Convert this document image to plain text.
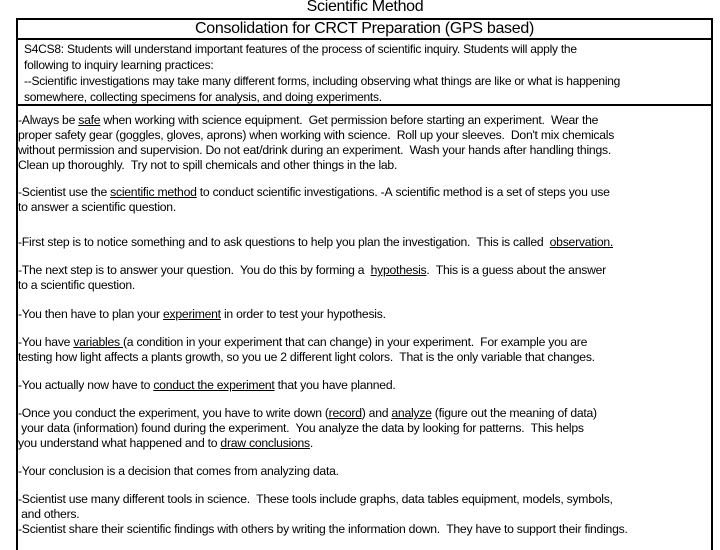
Scientific Method
Consolidation for CRCT Preparation (GPS based)
S4CS8: Students will understand important features of the process of scientific inquiry. Students will apply the
following to inquiry learning practices:
--Scientific investigations may take many different forms, including observing what things are like or what is happening
somewhere, collecting specimens for analysis, and doing experiments.
-Always be safe when working with science equipment.  Get permission before starting an experiment.  Wear the
proper safety gear (goggles, gloves, aprons) when working with science.  Roll up your sleeves.  Don't mix chemicals
without permission and supervision. Do not eat/drink during an experiment.  Wash your hands after handling things.
Clean up thoroughly.  Try not to spill chemicals and other things in the lab.
-Scientist use the scientific method to conduct scientific investigations. -A scientific method is a set of steps you use
to answer a scientific question.
-First step is to notice something and to ask questions to help you plan the investigation.  This is called  observation.
-The next step is to answer your question.  You do this by forming a  hypothesis.  This is a guess about the answer
to a scientific question.
-You then have to plan your experiment in order to test your hypothesis.
-You have variables (a condition in your experiment that can change) in your experiment.  For example you are
testing how light affects a plants growth, so you ue 2 different light colors.  That is the only variable that changes.
-You actually now have to conduct the experiment that you have planned.
-Once you conduct the experiment, you have to write down (record) and analyze (figure out the meaning of data)
your data (information) found during the experiment.  You analyze the data by looking for patterns.  This helps
you understand what happened and to draw conclusions.
-Your conclusion is a decision that comes from analyzing data.
-Scientist use many different tools in science.  These tools include graphs, data tables equipment, models, symbols,
and others.
-Scientist share their scientific findings with others by writing the information down.  They have to support their findings.
